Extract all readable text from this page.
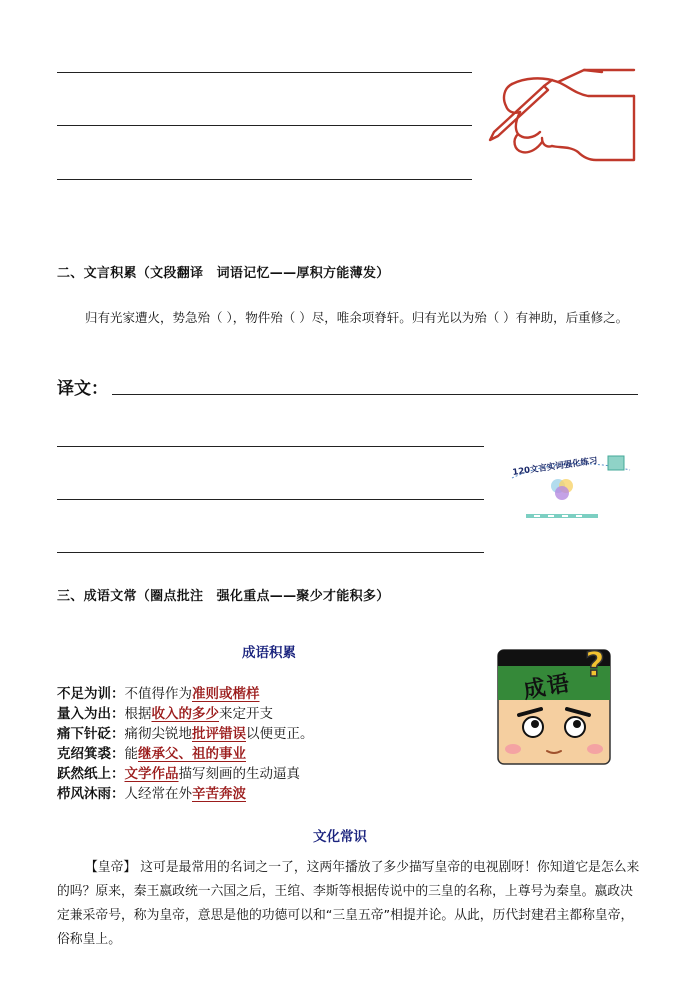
二、文言积累（文段翻译　词语记忆——厚积方能薄发）
归有光家遭火，势急殆（ ），物件殆（ ）尽，唯余项脊轩。归有光以为殆（ ）有神助，后重修之。
译文：
120文言实词强化练习
三、成语文常（圈点批注　强化重点——聚少才能积多）
成语积累
不足为训：不值得作为准则或楷样
量入为出：根据收入的多少来定开支
痛下针砭：痛彻尖锐地批评错误以便更正。
克绍箕裘：能继承父、祖的事业
跃然纸上：文学作品描写刻画的生动逼真
栉风沐雨：人经常在外辛苦奔波
成语
?
文化常识
【皇帝】 这可是最常用的名词之一了，这两年播放了多少描写皇帝的电视剧呀！你知道它是怎么来的吗？原来，秦王嬴政统一六国之后，王绾、李斯等根据传说中的三皇的名称，上尊号为秦皇。嬴政决定兼采帝号，称为皇帝，意思是他的功德可以和“三皇五帝”相提并论。从此，历代封建君主都称皇帝，俗称皇上。
